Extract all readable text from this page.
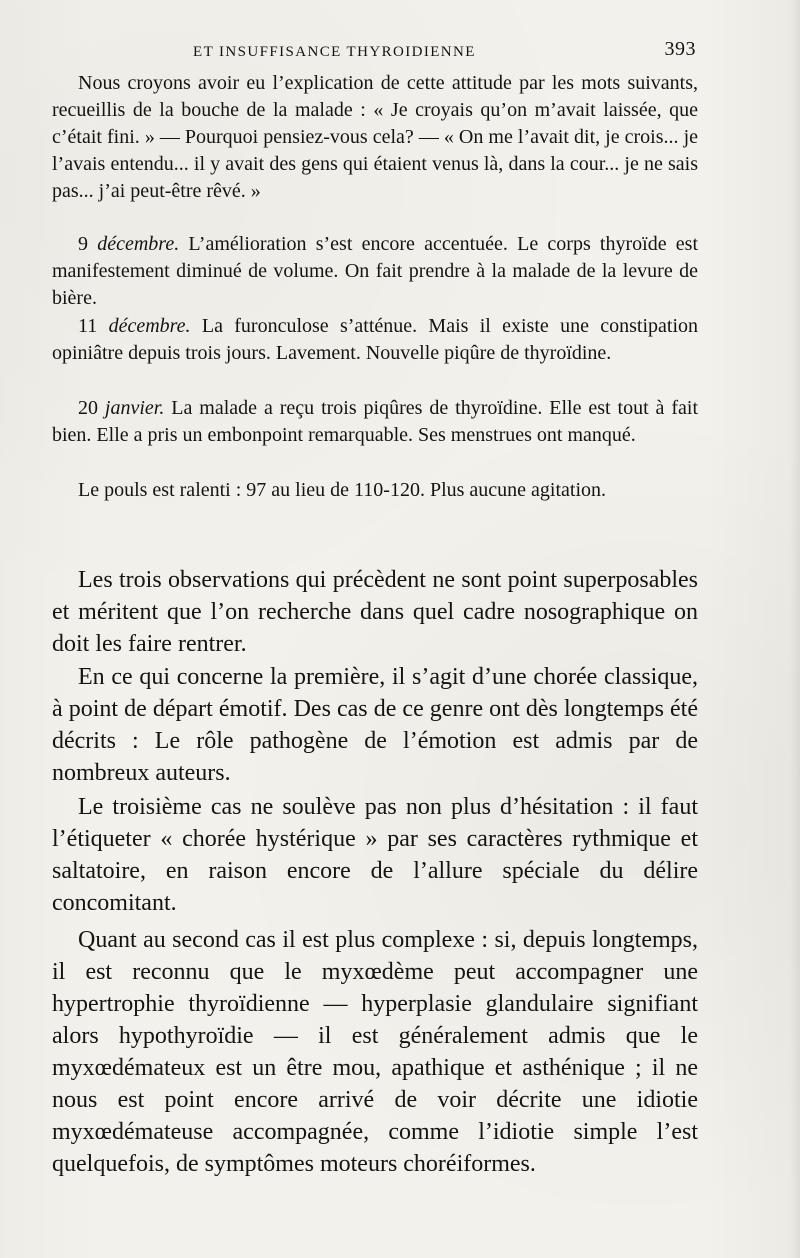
ET INSUFFISANCE THYROIDIENNE	393
Nous croyons avoir eu l’explication de cette attitude par les mots suivants, recueillis de la bouche de la malade : « Je croyais qu’on m’avait laissée, que c’était fini. » — Pourquoi pensiez-vous cela? — « On me l’avait dit, je crois... je l’avais entendu... il y avait des gens qui étaient venus là, dans la cour... je ne sais pas... j’ai peut-être rêvé. »
9 décembre. L’amélioration s’est encore accentuée. Le corps thyroïde est manifestement diminué de volume. On fait prendre à la malade de la levure de bière.
11 décembre. La furonculose s’atténue. Mais il existe une constipation opiniâtre depuis trois jours. Lavement. Nouvelle piqûre de thyroïdine.
20 janvier. La malade a reçu trois piqûres de thyroïdine. Elle est tout à fait bien. Elle a pris un embonpoint remarquable. Ses menstrues ont manqué.
Le pouls est ralenti : 97 au lieu de 110-120. Plus aucune agitation.
Les trois observations qui précèdent ne sont point superposables et méritent que l’on recherche dans quel cadre nosographique on doit les faire rentrer.
En ce qui concerne la première, il s’agit d’une chorée classique, à point de départ émotif. Des cas de ce genre ont dès longtemps été décrits : Le rôle pathogène de l’émotion est admis par de nombreux auteurs.
Le troisième cas ne soulève pas non plus d’hésitation : il faut l’étiqueter « chorée hystérique » par ses caractères rythmique et saltatoire, en raison encore de l’allure spéciale du délire concomitant.
Quant au second cas il est plus complexe : si, depuis longtemps, il est reconnu que le myxœdème peut accompagner une hypertrophie thyroïdienne — hyperplasie glandulaire signifiant alors hypothyroïdie — il est généralement admis que le myxœdémateux est un être mou, apathique et asthénique ; il ne nous est point encore arrivé de voir décrite une idiotie myxœdémateuse accompagnée, comme l’idiotie simple l’est quelquefois, de symptômes moteurs choréiformes.
